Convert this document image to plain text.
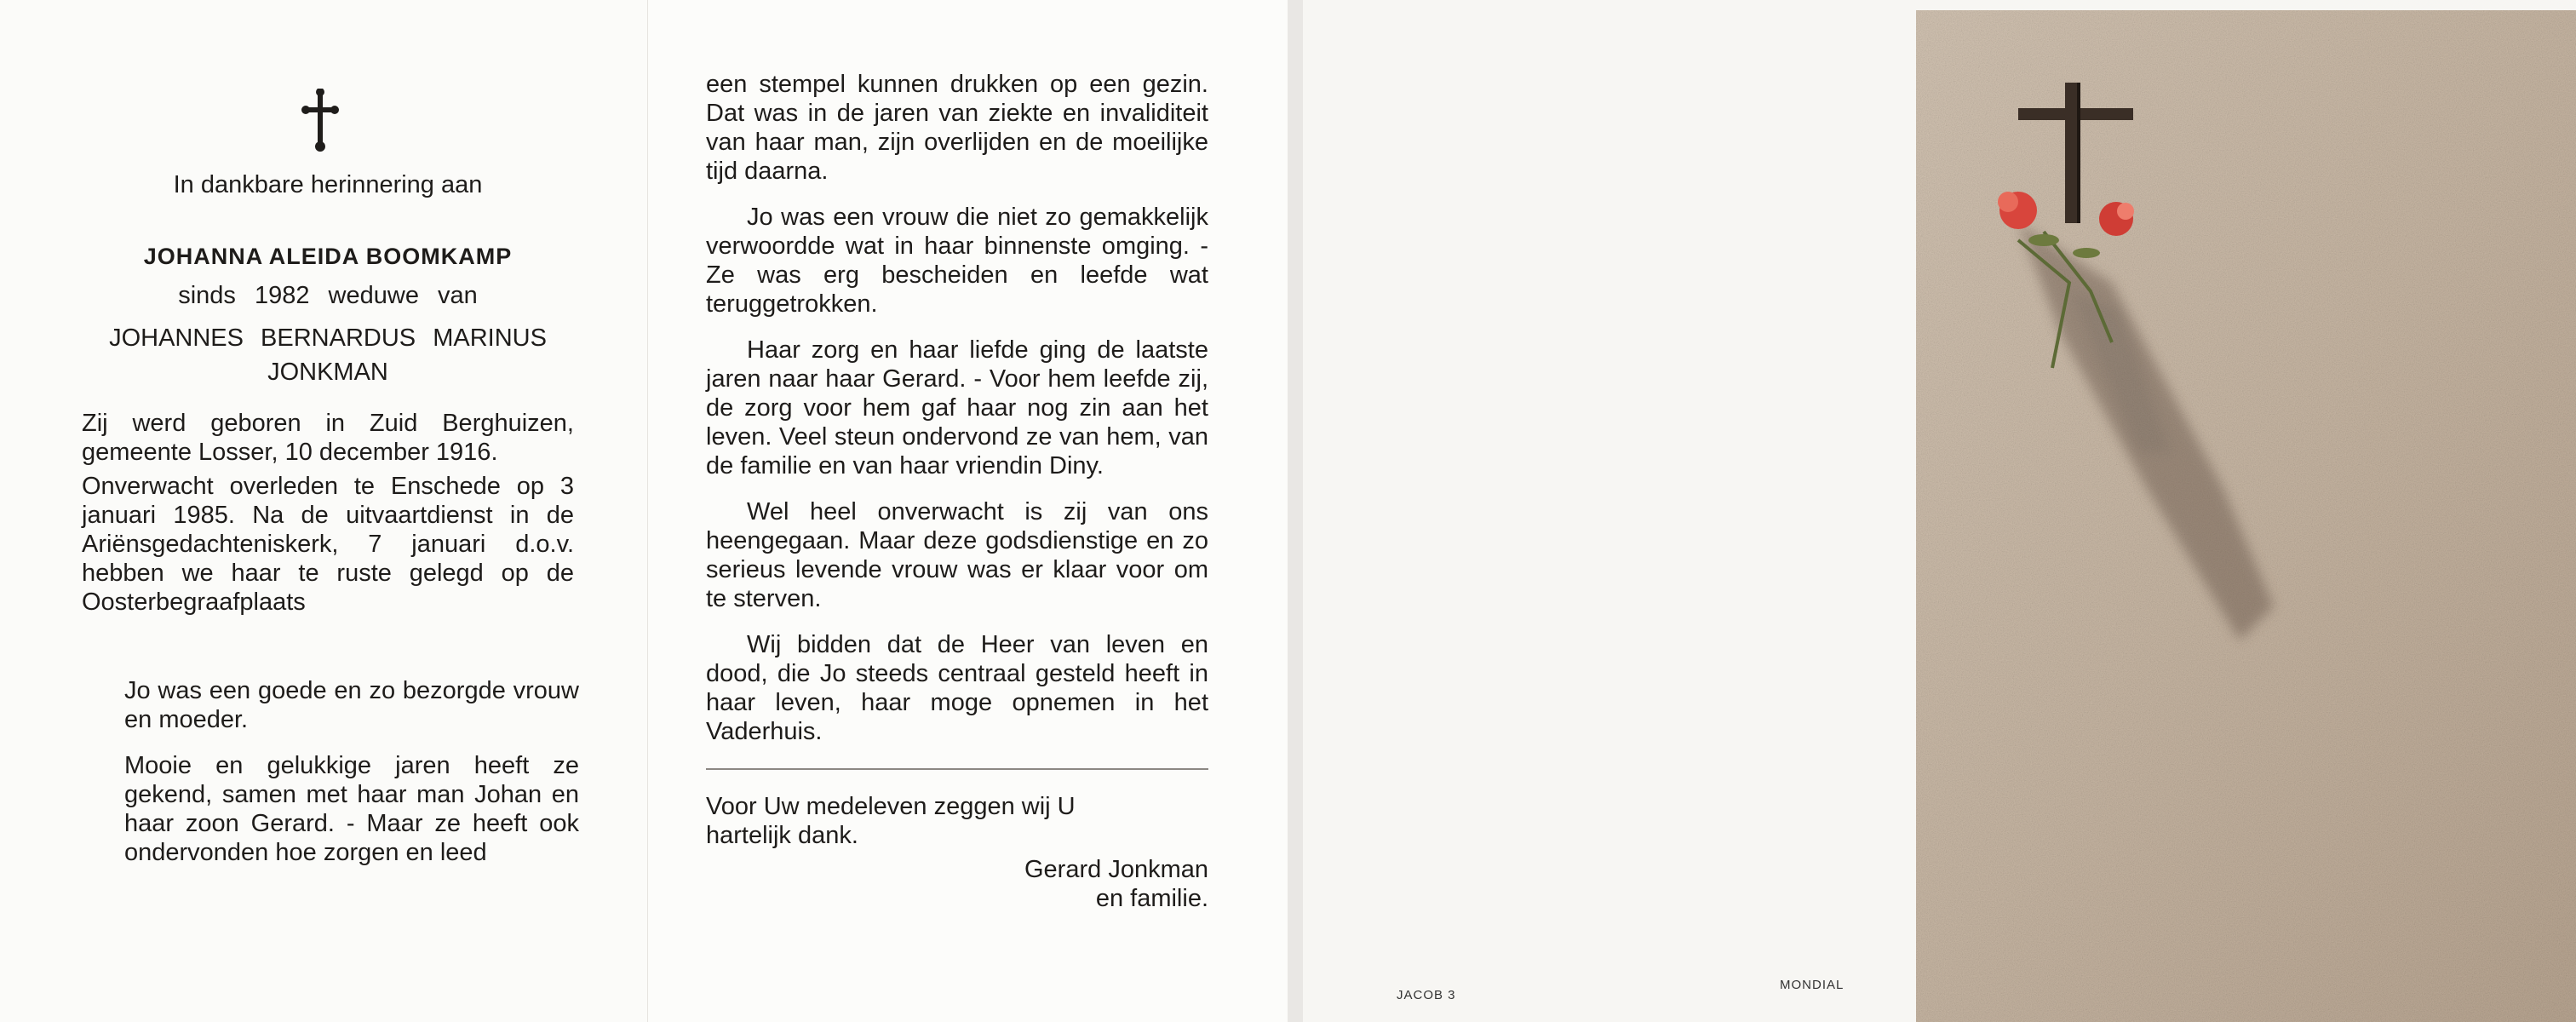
In dankbare herinnering aan

JOHANNA ALEIDA BOOMKAMP

sinds 1982 weduwe van

JOHANNES BERNARDUS MARINUS

JONKMAN

Zij werd geboren in Zuid Berghuizen, gemeente Losser, 10 december 1916.

Onverwacht overleden te Enschede op 3 januari 1985. Na de uitvaartdienst in de Ariënsgedachteniskerk, 7 januari d.o.v. hebben we haar te ruste gelegd op de Oosterbegraafplaats

Jo was een goede en zo bezorgde vrouw en moeder.

Mooie en gelukkige jaren heeft ze gekend, samen met haar man Johan en haar zoon Gerard. - Maar ze heeft ook ondervonden hoe zorgen en leed

een stempel kunnen drukken op een gezin. Dat was in de jaren van ziekte en invaliditeit van haar man, zijn overlijden en de moeilijke tijd daarna.

Jo was een vrouw die niet zo gemakkelijk verwoordde wat in haar binnenste omging. - Ze was erg bescheiden en leefde wat teruggetrokken.

Haar zorg en haar liefde ging de laatste jaren naar haar Gerard. - Voor hem leefde zij, de zorg voor hem gaf haar nog zin aan het leven. Veel steun ondervond ze van hem, van de familie en van haar vriendin Diny.

Wel heel onverwacht is zij van ons heengegaan. Maar deze godsdienstige en zo serieus levende vrouw was er klaar voor om te sterven.

Wij bidden dat de Heer van leven en dood, die Jo steeds centraal gesteld heeft in haar leven, haar moge opnemen in het Vaderhuis.

Voor Uw medeleven zeggen wij U hartelijk dank.

Gerard Jonkman

en familie.

JACOB 3
MONDIAL
